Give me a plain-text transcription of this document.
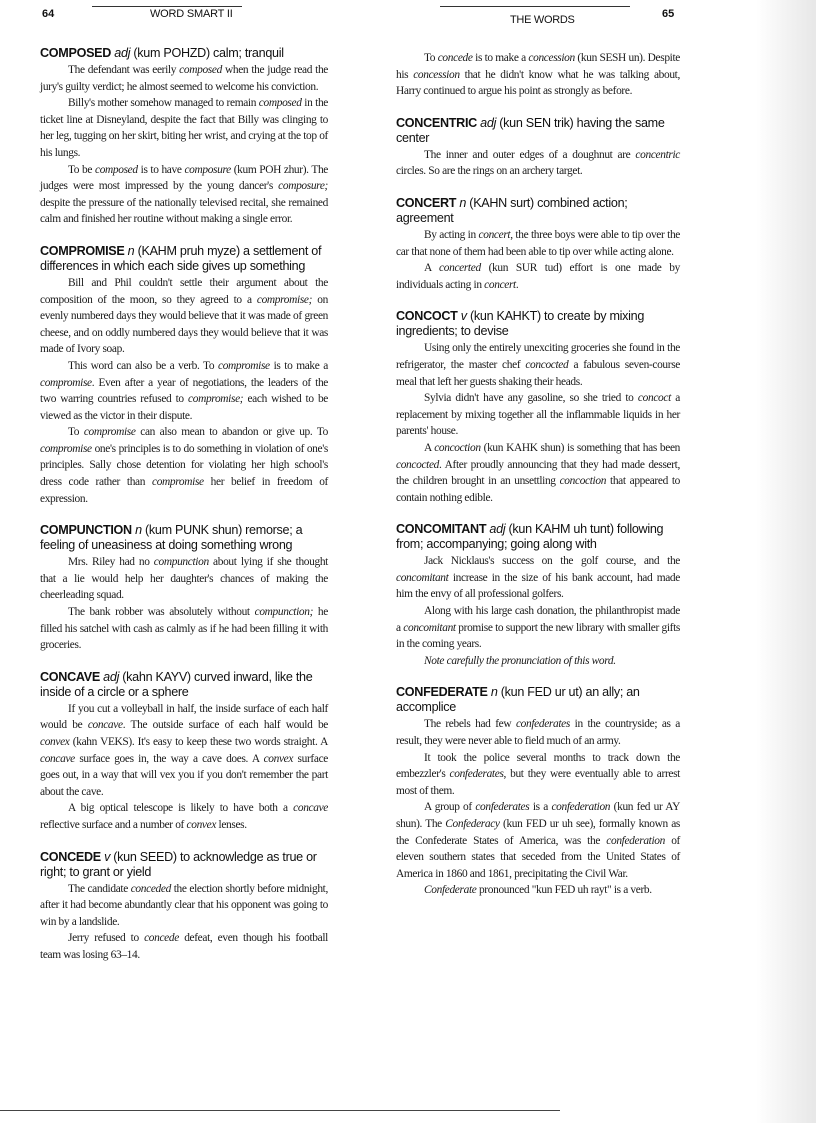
64	WORD SMART II	THE WORDS	65
COMPOSED adj (kum POHZD) calm; tranquil

The defendant was eerily composed when the judge read the jury's guilty verdict; he almost seemed to welcome his conviction.

Billy's mother somehow managed to remain composed in the ticket line at Disneyland, despite the fact that Billy was clinging to her leg, tugging on her skirt, biting her wrist, and crying at the top of his lungs.

To be composed is to have composure (kum POH zhur). The judges were most impressed by the young dancer's composure; despite the pressure of the nationally televised recital, she remained calm and finished her routine without making a single error.

COMPROMISE n (KAHM pruh myze) a settlement of differences in which each side gives up something

Bill and Phil couldn't settle their argument about the composition of the moon, so they agreed to a compromise; on evenly numbered days they would believe that it was made of green cheese, and on oddly numbered days they would believe that it was made of Ivory soap.

This word can also be a verb. To compromise is to make a compromise. Even after a year of negotiations, the leaders of the two warring countries refused to compromise; each wished to be viewed as the victor in their dispute.

To compromise can also mean to abandon or give up. To compromise one's principles is to do something in violation of one's principles. Sally chose detention for violating her high school's dress code rather than compromise her belief in freedom of expression.

COMPUNCTION n (kum PUNK shun) remorse; a feeling of uneasiness at doing something wrong

Mrs. Riley had no compunction about lying if she thought that a lie would help her daughter's chances of making the cheerleading squad.

The bank robber was absolutely without compunction; he filled his satchel with cash as calmly as if he had been filling it with groceries.

CONCAVE adj (kahn KAYV) curved inward, like the inside of a circle or a sphere

If you cut a volleyball in half, the inside surface of each half would be concave. The outside surface of each half would be convex (kahn VEKS). It's easy to keep these two words straight. A concave surface goes in, the way a cave does. A convex surface goes out, in a way that will vex you if you don't remember the part about the cave.

A big optical telescope is likely to have both a concave reflective surface and a number of convex lenses.

CONCEDE v (kun SEED) to acknowledge as true or right; to grant or yield

The candidate conceded the election shortly before midnight, after it had become abundantly clear that his opponent was going to win by a landslide.

Jerry refused to concede defeat, even though his football team was losing 63–14.

To concede is to make a concession (kun SESH un). Despite his concession that he didn't know what he was talking about, Harry continued to argue his point as strongly as before.

CONCENTRIC adj (kun SEN trik) having the same center

The inner and outer edges of a doughnut are concentric circles. So are the rings on an archery target.

CONCERT n (KAHN surt) combined action; agreement

By acting in concert, the three boys were able to tip over the car that none of them had been able to tip over while acting alone.

A concerted (kun SUR tud) effort is one made by individuals acting in concert.

CONCOCT v (kun KAHKT) to create by mixing ingredients; to devise

Using only the entirely unexciting groceries she found in the refrigerator, the master chef concocted a fabulous seven-course meal that left her guests shaking their heads.

Sylvia didn't have any gasoline, so she tried to concoct a replacement by mixing together all the inflammable liquids in her parents' house.

A concoction (kun KAHK shun) is something that has been concocted. After proudly announcing that they had made dessert, the children brought in an unsettling concoction that appeared to contain nothing edible.

CONCOMITANT adj (kun KAHM uh tunt) following from; accompanying; going along with

Jack Nicklaus's success on the golf course, and the concomitant increase in the size of his bank account, had made him the envy of all professional golfers.

Along with his large cash donation, the philanthropist made a concomitant promise to support the new library with smaller gifts in the coming years.

Note carefully the pronunciation of this word.

CONFEDERATE n (kun FED ur ut) an ally; an accomplice

The rebels had few confederates in the countryside; as a result, they were never able to field much of an army.

It took the police several months to track down the embezzler's confederates, but they were eventually able to arrest most of them.

A group of confederates is a confederation (kun fed ur AY shun). The Confederacy (kun FED ur uh see), formally known as the Confederate States of America, was the confederation of eleven southern states that seceded from the United States of America in 1860 and 1861, precipitating the Civil War.

Confederate pronounced "kun FED uh rayt" is a verb.
